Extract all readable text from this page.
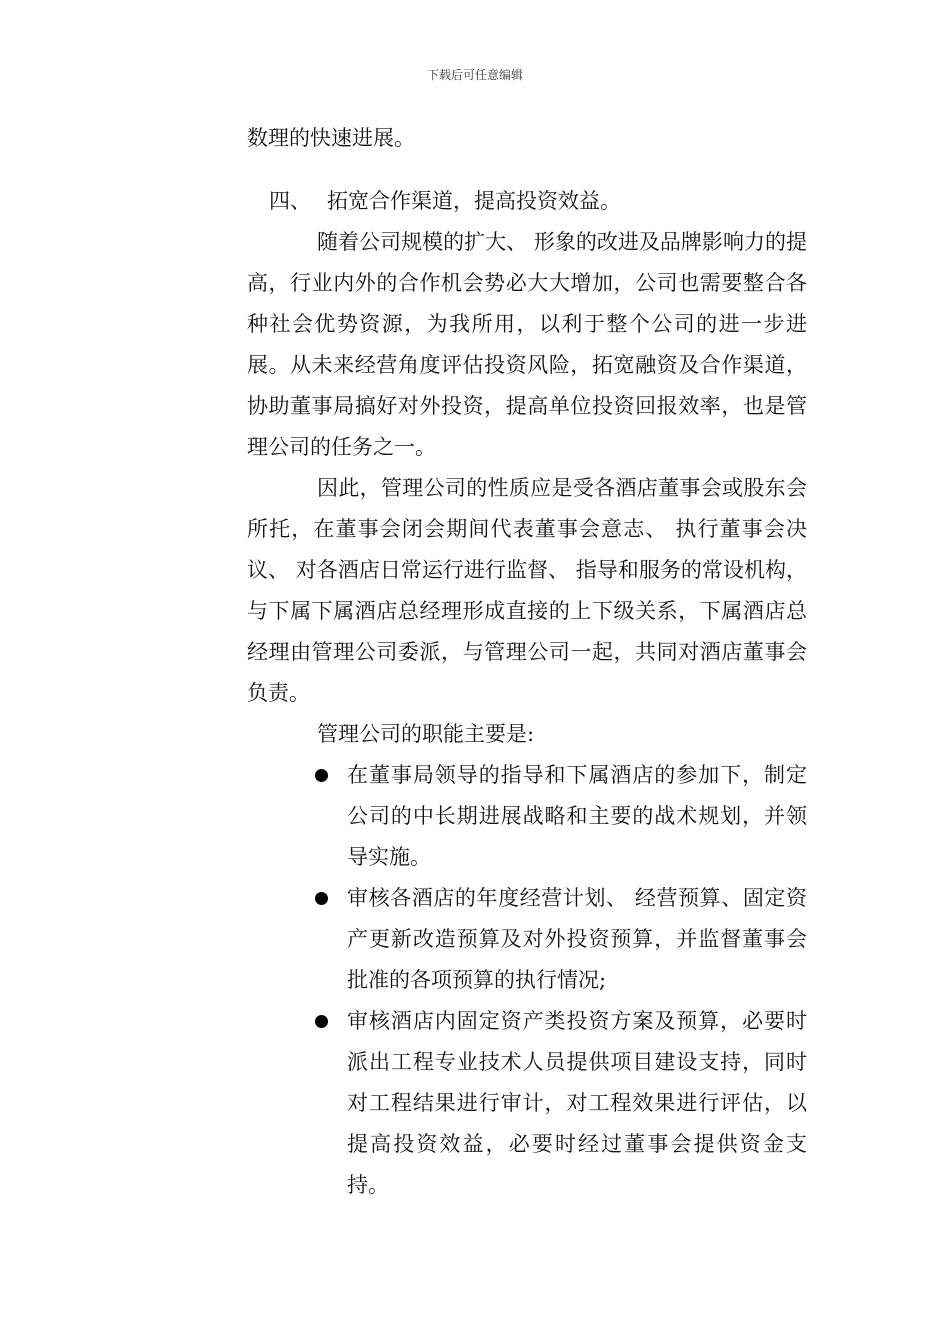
下载后可任意编辑

数理的快速进展。

四、 拓宽合作渠道，提高投资效益。

随着公司规模的扩大、 形象的改进及品牌影响力的提高，行业内外的合作机会势必大大增加，公司也需要整合各种社会优势资源，为我所用，以利于整个公司的进一步进展。从未来经营角度评估投资风险，拓宽融资及合作渠道，协助董事局搞好对外投资，提高单位投资回报效率，也是管理公司的任务之一。

因此，管理公司的性质应是受各酒店董事会或股东会所托，在董事会闭会期间代表董事会意志、 执行董事会决议、 对各酒店日常运行进行监督、 指导和服务的常设机构，与下属下属酒店总经理形成直接的上下级关系，下属酒店总经理由管理公司委派，与管理公司一起，共同对酒店董事会负责。

管理公司的职能主要是:

在董事局领导的指导和下属酒店的参加下，制定公司的中长期进展战略和主要的战术规划，并领导实施。
审核各酒店的年度经营计划、 经营预算、固定资产更新改造预算及对外投资预算，并监督董事会批准的各项预算的执行情况;
审核酒店内固定资产类投资方案及预算，必要时派出工程专业技术人员提供项目建设支持，同时对工程结果进行审计，对工程效果进行评估，以提高投资效益，必要时经过董事会提供资金支持。
